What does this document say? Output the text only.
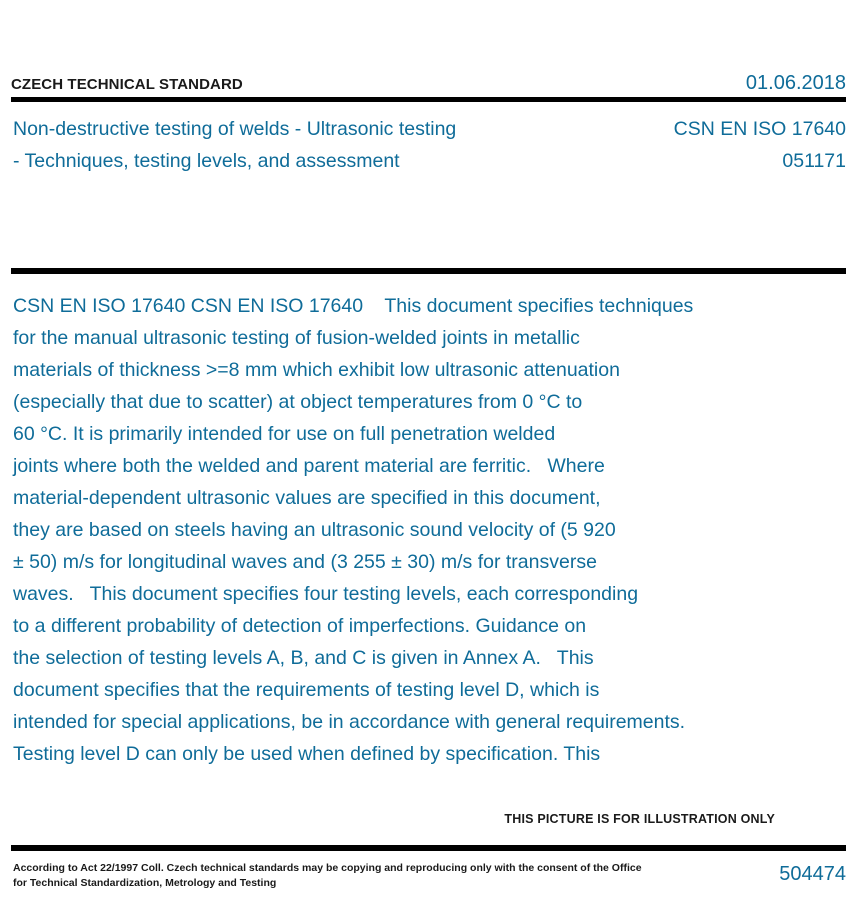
CZECH TECHNICAL STANDARD	01.06.2018
Non-destructive testing of welds - Ultrasonic testing
- Techniques, testing levels, and assessment
CSN EN ISO 17640
051171
CSN EN ISO 17640 CSN EN ISO 17640    This document specifies techniques
for the manual ultrasonic testing of fusion-welded joints in metallic
materials of thickness >=8 mm which exhibit low ultrasonic attenuation
(especially that due to scatter) at object temperatures from 0 °C to
60 °C. It is primarily intended for use on full penetration welded
joints where both the welded and parent material are ferritic.   Where
material-dependent ultrasonic values are specified in this document,
they are based on steels having an ultrasonic sound velocity of (5 920
± 50) m/s for longitudinal waves and (3 255 ± 30) m/s for transverse
waves.   This document specifies four testing levels, each corresponding
to a different probability of detection of imperfections. Guidance on
the selection of testing levels A, B, and C is given in Annex A.   This
document specifies that the requirements of testing level D, which is
intended for special applications, be in accordance with general requirements.
Testing level D can only be used when defined by specification. This
THIS PICTURE IS FOR ILLUSTRATION ONLY
According to Act 22/1997 Coll. Czech technical standards may be copying and reproducing only with the consent of the Office
for Technical Standardization, Metrology and Testing	504474
